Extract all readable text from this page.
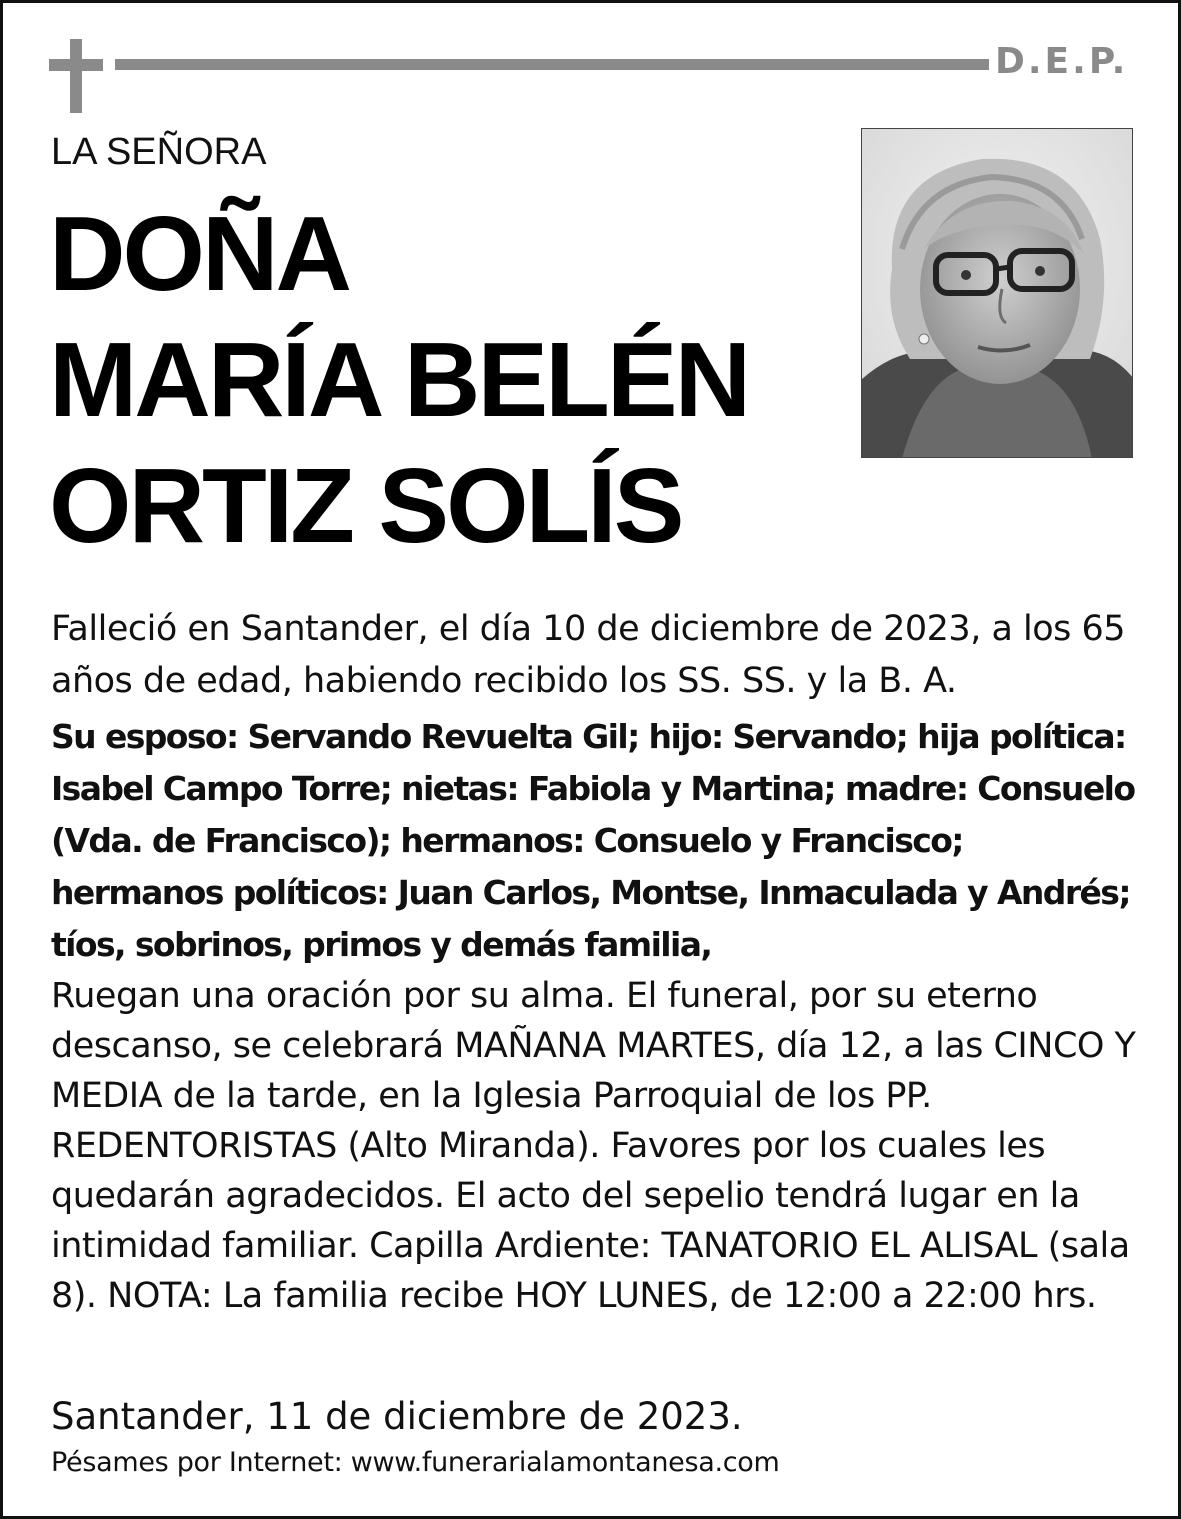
D.E.P.
LA SEÑORA
DOÑA
MARÍA BELÉN
ORTIZ SOLÍS
Falleció en Santander, el día 10 de diciembre de 2023, a los 65 años de edad, habiendo recibido los SS. SS. y la B. A.
Su esposo: Servando Revuelta Gil; hijo: Servando; hija política: Isabel Campo Torre; nietas: Fabiola y Martina; madre: Consuelo (Vda. de Francisco); hermanos: Consuelo y Francisco; hermanos políticos: Juan Carlos, Montse, Inmaculada y Andrés; tíos, sobrinos, primos y demás familia,
Ruegan una oración por su alma. El funeral, por su eterno descanso, se celebrará MAÑANA MARTES, día 12, a las CINCO Y MEDIA de la tarde, en la Iglesia Parroquial de los PP. REDENTORISTAS (Alto Miranda). Favores por los cuales les quedarán agradecidos. El acto del sepelio tendrá lugar en la intimidad familiar. Capilla Ardiente: TANATORIO EL ALISAL (sala 8). NOTA: La familia recibe HOY LUNES, de 12:00 a 22:00 hrs.
Santander, 11 de diciembre de 2023.
Pésames por Internet: www.funerarialamontanesa.com
